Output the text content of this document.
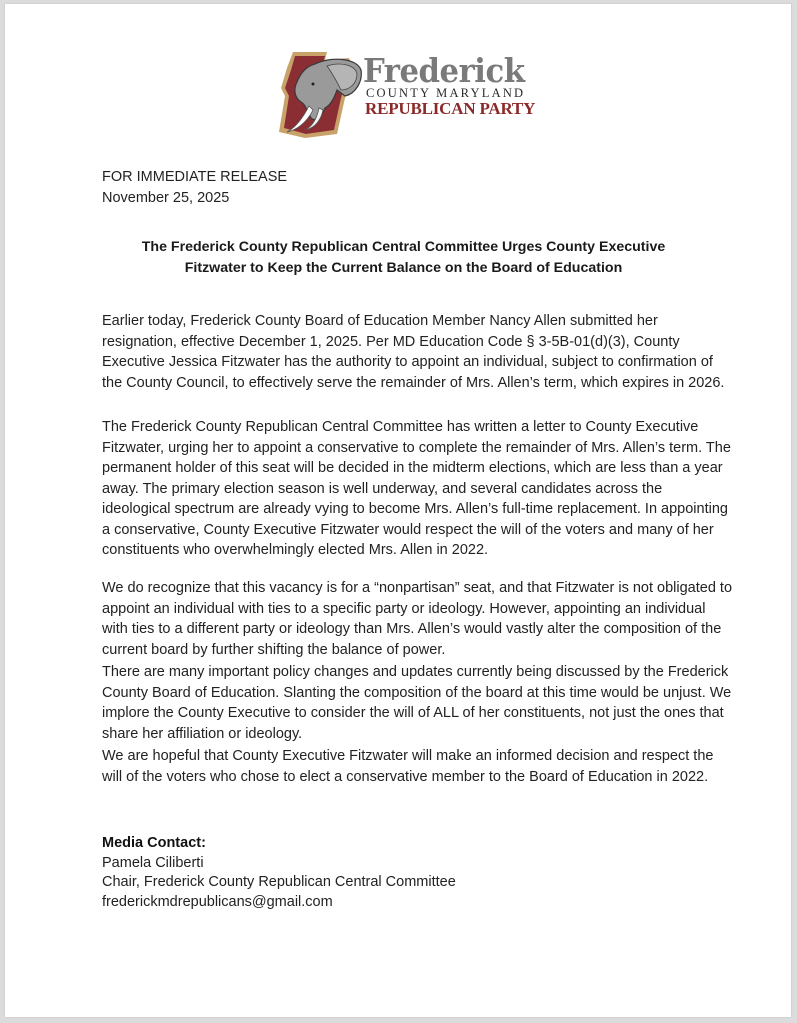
Frederick
COUNTY MARYLAND
REPUBLICAN PARTY
FOR IMMEDIATE RELEASE
November 25, 2025
The Frederick County Republican Central Committee Urges County Executive
Fitzwater to Keep the Current Balance on the Board of Education

Earlier today, Frederick County Board of Education Member Nancy Allen submitted her resignation, effective December 1, 2025. Per MD Education Code § 3-5B-01(d)(3), County Executive Jessica Fitzwater has the authority to appoint an individual, subject to confirmation of the County Council, to effectively serve the remainder of Mrs. Allen’s term, which expires in 2026.

The Frederick County Republican Central Committee has written a letter to County Executive Fitzwater, urging her to appoint a conservative to complete the remainder of Mrs. Allen’s term. The permanent holder of this seat will be decided in the midterm elections, which are less than a year away. The primary election season is well underway, and several candidates across the ideological spectrum are already vying to become Mrs. Allen’s full-time replacement. In appointing a conservative, County Executive Fitzwater would respect the will of the voters and many of her constituents who overwhelmingly elected Mrs. Allen in 2022.

We do recognize that this vacancy is for a “nonpartisan” seat, and that Fitzwater is not obligated to appoint an individual with ties to a specific party or ideology. However, appointing an individual with ties to a different party or ideology than Mrs. Allen’s would vastly alter the composition of the current board by further shifting the balance of power.

There are many important policy changes and updates currently being discussed by the Frederick County Board of Education. Slanting the composition of the board at this time would be unjust. We implore the County Executive to consider the will of ALL of her constituents, not just the ones that share her affiliation or ideology.

We are hopeful that County Executive Fitzwater will make an informed decision and respect the will of the voters who chose to elect a conservative member to the Board of Education in 2022.

Media Contact:
Pamela Ciliberti
Chair, Frederick County Republican Central Committee
frederickmdrepublicans@gmail.com
